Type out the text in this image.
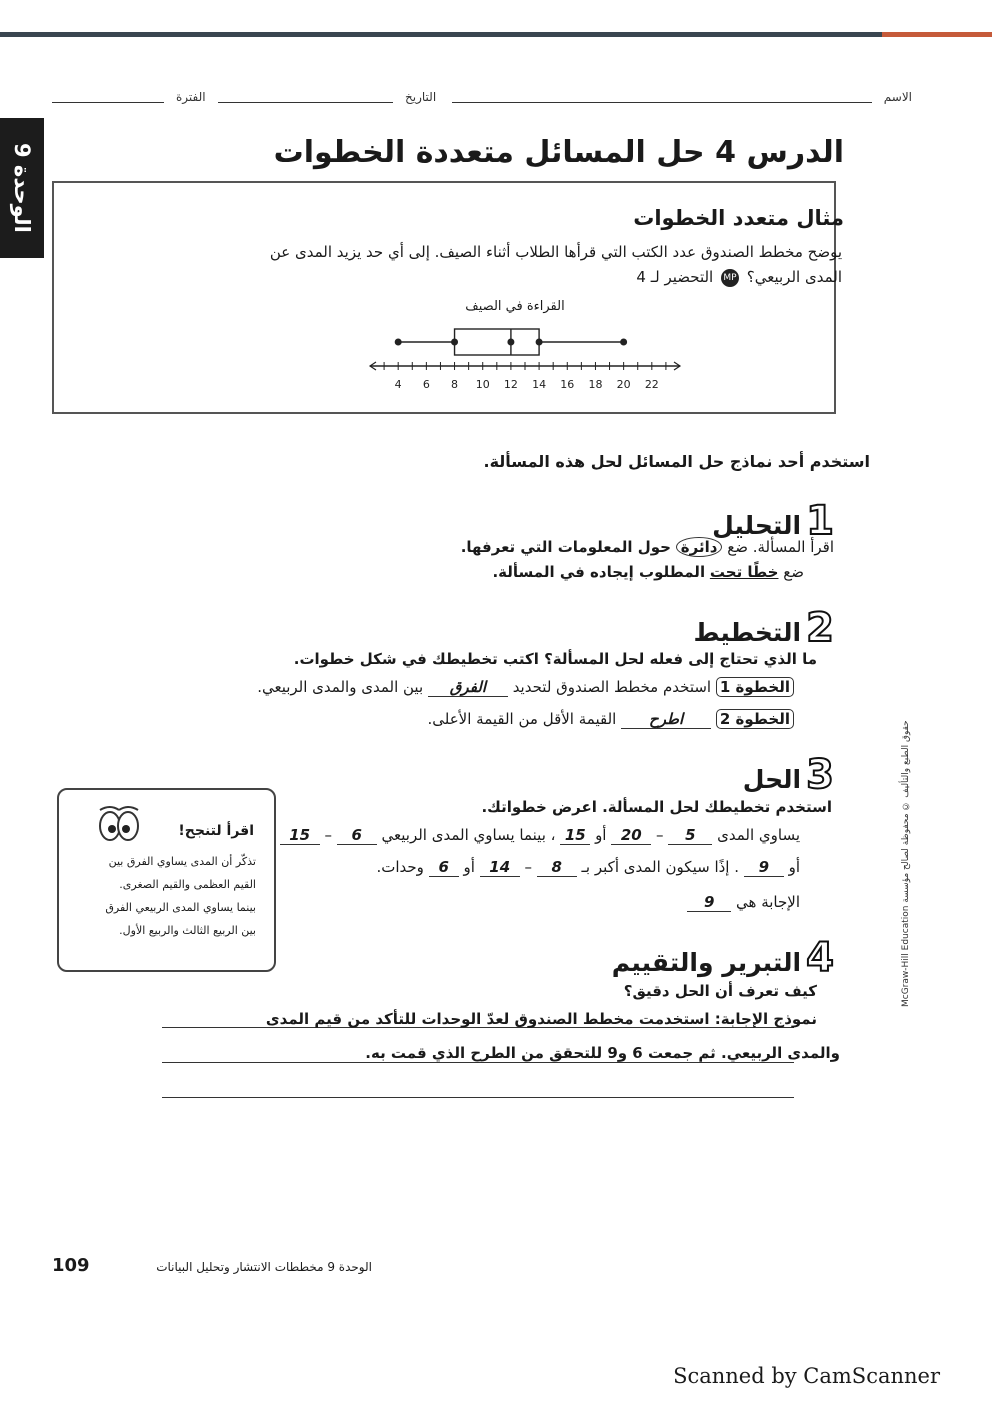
الاسم
التاريخ
الفترة
الوحدة 9
الدرس 4 حل المسائل متعددة الخطوات
مثال متعدد الخطوات
يوضح مخطط الصندوق عدد الكتب التي قرأها الطلاب أثناء الصيف. إلى أي حد يزيد المدى عن
المدى الربيعي؟ MP التحضير لـ 4
القراءة في الصيف
4 6 8 10 12 14 16 18 20 22
استخدم أحد نماذج حل المسائل لحل هذه المسألة.
1 التحليل
اقرأ المسألة. ضع دائرة حول المعلومات التي تعرفها.
ضع خطًا تحت المطلوب إيجاده في المسألة.
2 التخطيط
ما الذي تحتاج إلى فعله لحل المسألة؟ اكتب تخطيطك في شكل خطوات.
الخطوة 1 استخدم مخطط الصندوق لتحديد الفرق بين المدى والمدى الربيعي.
الخطوة 2 اطرح القيمة الأقل من القيمة الأعلى.
3 الحل
استخدم تخطيطك لحل المسألة. اعرض خطواتك.
يساوي المدى 5 – 20 أو 15 ، بينما يساوي المدى الربيعي 6 – 15
أو 9 . إذًا سيكون المدى أكبر بـ 8 – 14 أو 6 وحدات.
الإجابة هي 9
اقرأ لتنجح!
تذكّر أن المدى يساوي الفرق بين
القيم العظمى والقيم الصغرى.
بينما يساوي المدى الربيعي الفرق
بين الربيع الثالث والربيع الأول.
4 التبرير والتقييم
كيف تعرف أن الحل دقيق؟
نموذج الإجابة: استخدمت مخطط الصندوق لعدّ الوحدات للتأكد من قيم المدى
والمدى الربيعي. ثم جمعت 6 و9 للتحقق من الطرح الذي قمت به.
McGraw-Hill Education حقوق الطبع والتأليف © محفوظة لصالح مؤسسة
109	الوحدة 9 مخططات الانتشار وتحليل البيانات
Scanned by CamScanner
